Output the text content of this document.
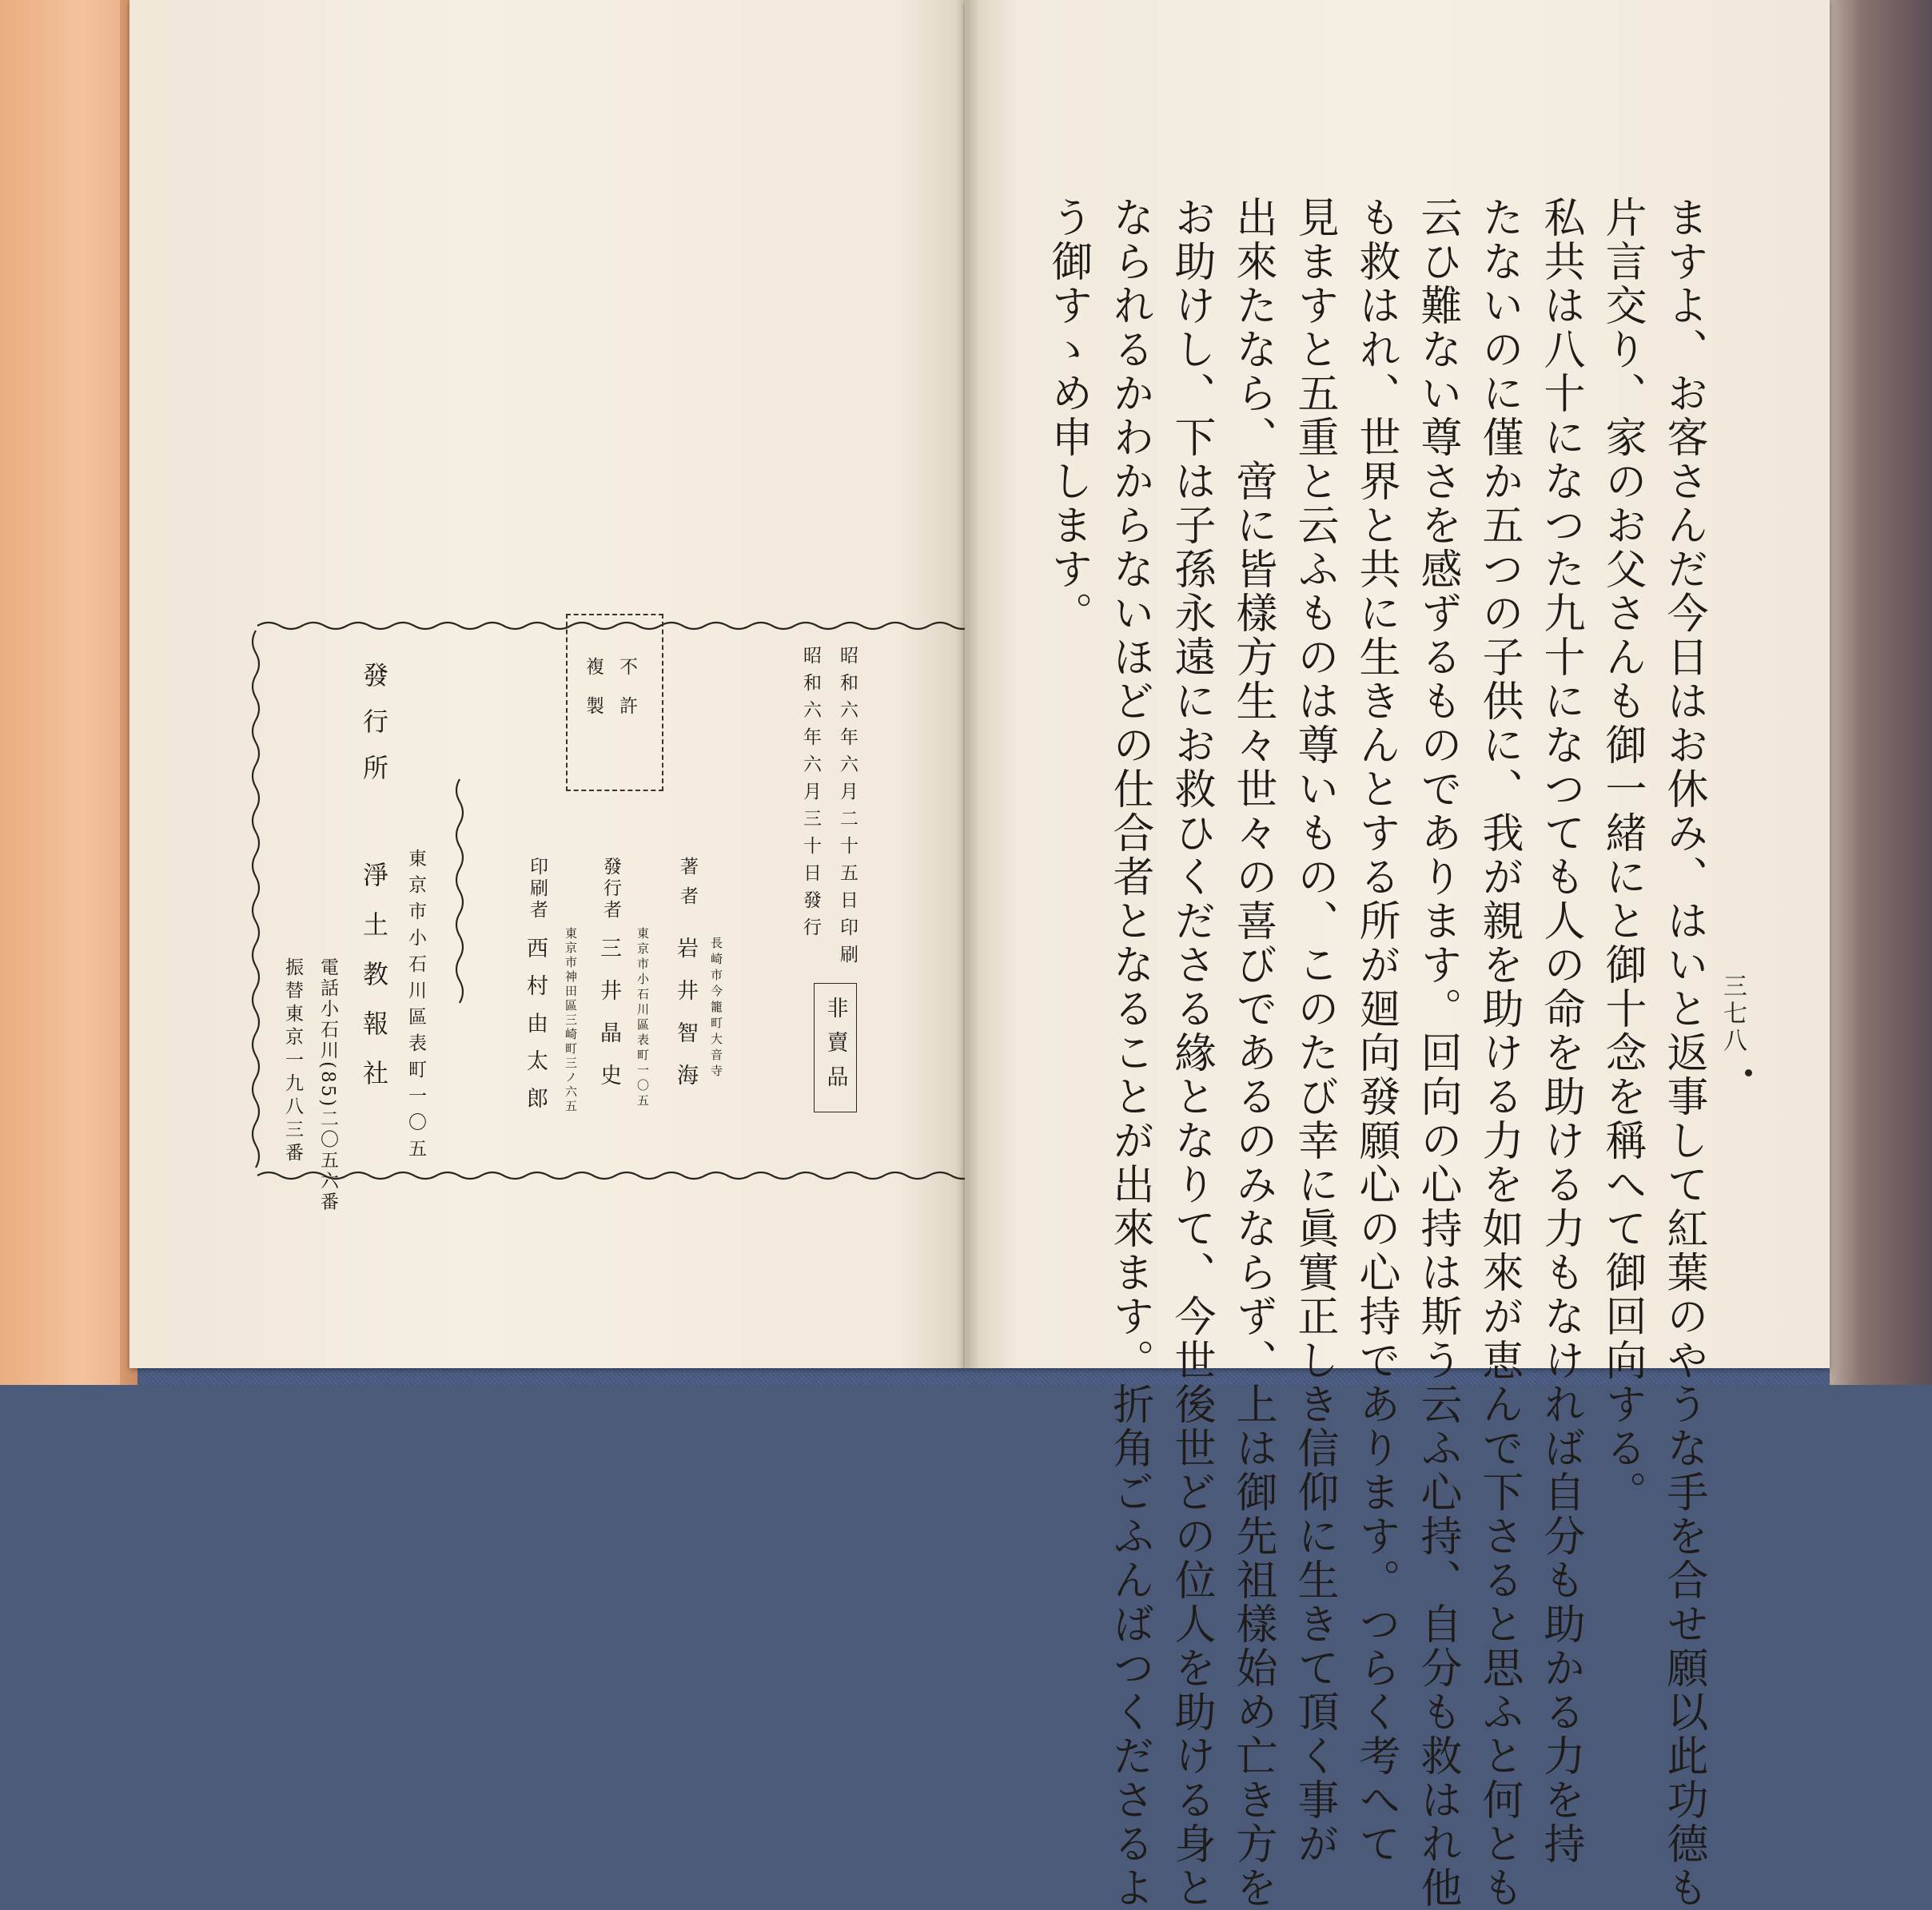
ますよ、お客さんだ今日はお休み、はいと返事して紅葉のやうな手を合せ願以此功德も
片言交り、家のお父さんも御一緒にと御十念を稱へて御回向する。
私共は八十になつた九十になつても人の命を助ける力もなければ自分も助かる力を持
たないのに僅か五つの子供に、我が親を助ける力を如來が恵んで下さると思ふと何とも
云ひ難ない尊さを感ずるものであります。回向の心持は斯う云ふ心持、自分も救はれ他
も救はれ、世界と共に生きんとする所が廻向發願心の心持であります。つらく考へて
見ますと五重と云ふものは尊いもの、このたび幸に眞實正しき信仰に生きて頂く事が
出來たなら、啻に皆樣方生々世々の喜びであるのみならず、上は御先祖樣始め亡き方を
お助けし、下は子孫永遠にお救ひくださる緣となりて、今世後世どの位人を助ける身と
なられるかわからないほどの仕合者となることが出來ます。折角ごふんばつくださるよ
う御すゝめ申します。
三七八
昭和六年六月二十五日印刷
昭和六年六月三十日發行
非賣品
不許
複製
著者
長崎市今籠町大音寺
岩井智海
發行者
東京市小石川區表町一〇五
三井晶史
印刷者
東京市神田區三崎町三ノ六五
西村由太郎
發行所
東京市小石川區表町一〇五
淨土教報社
電話小石川(85)二〇五六番
振替東京一九八三番
